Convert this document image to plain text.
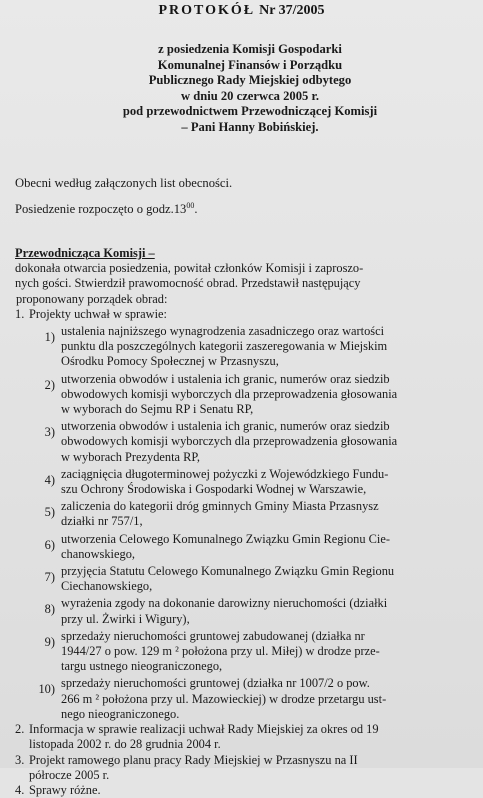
PROTOKÓŁ Nr 37/2005
z posiedzenia Komisji Gospodarki
Komunalnej Finansów i Porządku
Publicznego Rady Miejskiej odbytego
w dniu 20 czerwca 2005 r.
pod przewodnictwem Przewodniczącej Komisji
– Pani Hanny Bobińskiej.
Obecni według załączonych list obecności.
Posiedzenie rozpoczęto o $godz.13^{00}$.
Przewodnicząca Komisji –
dokonała otwarcia posiedzenia, powitał członków Komisji i zaproszo-
nych gości. Stwierdził prawomocność obrad. Przedstawił następujący
proponowany porządek obrad:
1. Projekty uchwał w sprawie:
1) ustalenia najniższego wynagrodzenia zasadniczego oraz wartości
punktu dla poszczególnych kategorii zaszeregowania w Miejskim
Ośrodku Pomocy Społecznej w Przasnyszu,
2) utworzenia obwodów i ustalenia ich granic, numerów oraz siedzib
obwodowych komisji wyborczych dla przeprowadzenia głosowania
w wyborach do Sejmu RP i Senatu RP,
3) utworzenia obwodów i ustalenia ich granic, numerów oraz siedzib
obwodowych komisji wyborczych dla przeprowadzenia głosowania
w wyborach Prezydenta RP,
4) zaciągnięcia długoterminowej pożyczki z Wojewódzkiego Fundu-
szu Ochrony Środowiska i Gospodarki Wodnej w Warszawie,
5) zaliczenia do kategorii dróg gminnych Gminy Miasta Przasnysz
działki nr 757/1,
6) utworzenia Celowego Komunalnego Związku Gmin Regionu Cie-
chanowskiego,
7) przyjęcia Statutu Celowego Komunalnego Związku Gmin Regionu
Ciechanowskiego,
8) wyrażenia zgody na dokonanie darowizny nieruchomości (działki
przy ul. Żwirki i Wigury),
9) sprzedaży nieruchomości gruntowej zabudowanej (działka nr
1944/27 o pow. 129 m ² położona przy ul. Miłej) w drodze prze-
targu ustnego nieograniczonego,
10) sprzedaży nieruchomości gruntowej (działka nr 1007/2 o pow.
266 m ² położona przy ul. Mazowieckiej) w drodze przetargu ust-
nego nieograniczonego.
2. Informacja w sprawie realizacji uchwał Rady Miejskiej za okres od 19
listopada 2002 r. do 28 grudnia 2004 r.
3. Projekt ramowego planu pracy Rady Miejskiej w Przasnyszu na II
półrocze 2005 r.
4. Sprawy różne.
